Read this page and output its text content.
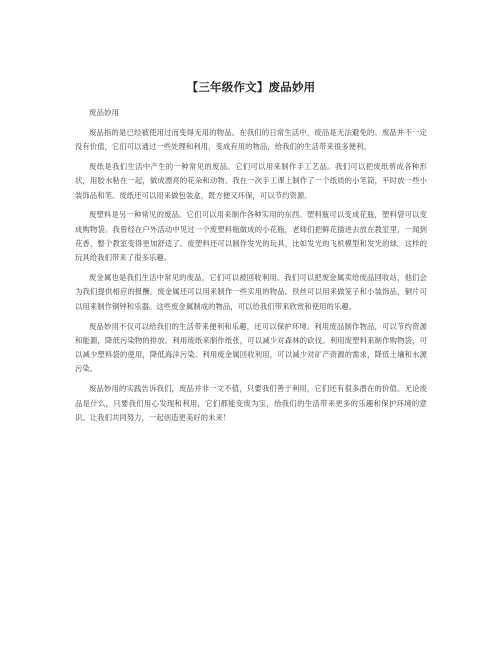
【三年级作文】废品妙用
废品妙用

废品指的是已经被使用过而变得无用的物品。在我们的日常生活中，废品是无法避免的。废品并不一定没有价值，它们可以通过一些处理和利用，变成有用的物品，给我们的生活带来很多便利。

废纸是我们生活中产生的一种常见的废品。它们可以用来制作手工艺品。我们可以把废纸剪成各种形状，用胶水粘在一起，做成漂亮的花朵和动物。我在一次手工课上制作了一个纸质的小笔筒，平时放一些小装饰品和笔。废纸还可以用来做包装盒，既方便又环保，可以节约资源。

废塑料是另一种常见的废品。它们可以用来制作各种实用的东西。塑料瓶可以变成花瓶，塑料袋可以变成购物袋。我曾经在户外活动中见过一个废塑料瓶做成的小花瓶，老师们把鲜花插进去放在教室里，一闻到花香，整个教室变得更加舒适了。废塑料还可以制作发光的玩具，比如发光的飞机模型和发光的球。这样的玩具给我们带来了很多乐趣。

废金属也是我们生活中常见的废品，它们可以被回收利用。我们可以把废金属卖给废品回收站，他们会为我们提供相应的报酬。废金属还可以用来制作一些实用的物品。铁丝可以用来做笼子和小装饰品，铜片可以用来制作铜钟和乐器。这些废金属制成的物品，可以给我们带来欣赏和使用的乐趣。

废品妙用不仅可以给我们的生活带来便利和乐趣，还可以保护环境。利用废品制作物品，可以节约资源和能源，降低污染物的排放。利用废纸来制作纸张，可以减少对森林的砍伐。利用废塑料来制作购物袋，可以减少塑料袋的使用，降低海洋污染。利用废金属回收利用，可以减少对矿产资源的需求，降低土壤和水源污染。

废品妙用的实践告诉我们，废品并非一文不值，只要我们善于利用，它们还有很多潜在的价值。无论废品是什么，只要我们用心发现和利用，它们都能变废为宝，给我们的生活带来更多的乐趣和保护环境的意识。让我们共同努力，一起创造更美好的未来！
